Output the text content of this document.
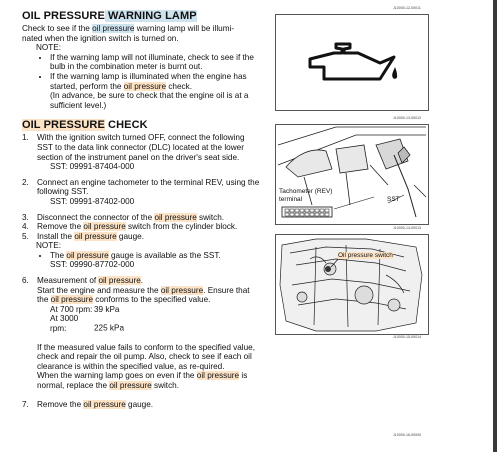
OIL PRESSURE WARNING LAMP

Check to see if the oil pressure warning lamp will be illumi-
nated when the ignition switch is turned on.

NOTE:

• If the warning lamp will not illuminate, check to see if the bulb in the combination meter is burnt out.
• If the warning lamp is illuminated when the engine has started, perform the oil pressure check.
(In advance, be sure to check that the engine oil is at a sufficient level.)
OIL PRESSURE CHECK
1. With the ignition switch turned OFF, connect the following SST to the data link connector (DLC) located at the lower section of the instrument panel on the driver's seat side.

SST: 09991-87404-000

2. Connect an engine tachometer to the terminal REV, using the following SST.

SST: 09991-87402-000

3. Disconnect the connector of the oil pressure switch.
4. Remove the oil pressure switch from the cylinder block.
5. Install the oil pressure gauge.

NOTE:

• The oil pressure gauge is available as the SST.

SST: 09990-87702-000

6. Measurement of oil pressure.
Start the engine and measure the oil pressure. Ensure that the oil pressure conforms to the specified value.
At 700 rpm: 39 kPa
At 3000 rpm:	225 kPa

If the measured value fails to conform to the specified value, check and repair the oil pump. Also, check to see if each oil clearance is within the specified value, as re-quired.

When the warning lamp goes on even if the oil pressure is normal, replace the oil pressure switch.

7. Remove the oil pressure gauge.
JL0000-12-00011
JL0000-13-00012
JL0000-14-00013
JL0000-15-00014
JL0000-16-00000
Tachometer (REV)
terminal	SST
Oil pressure switch
